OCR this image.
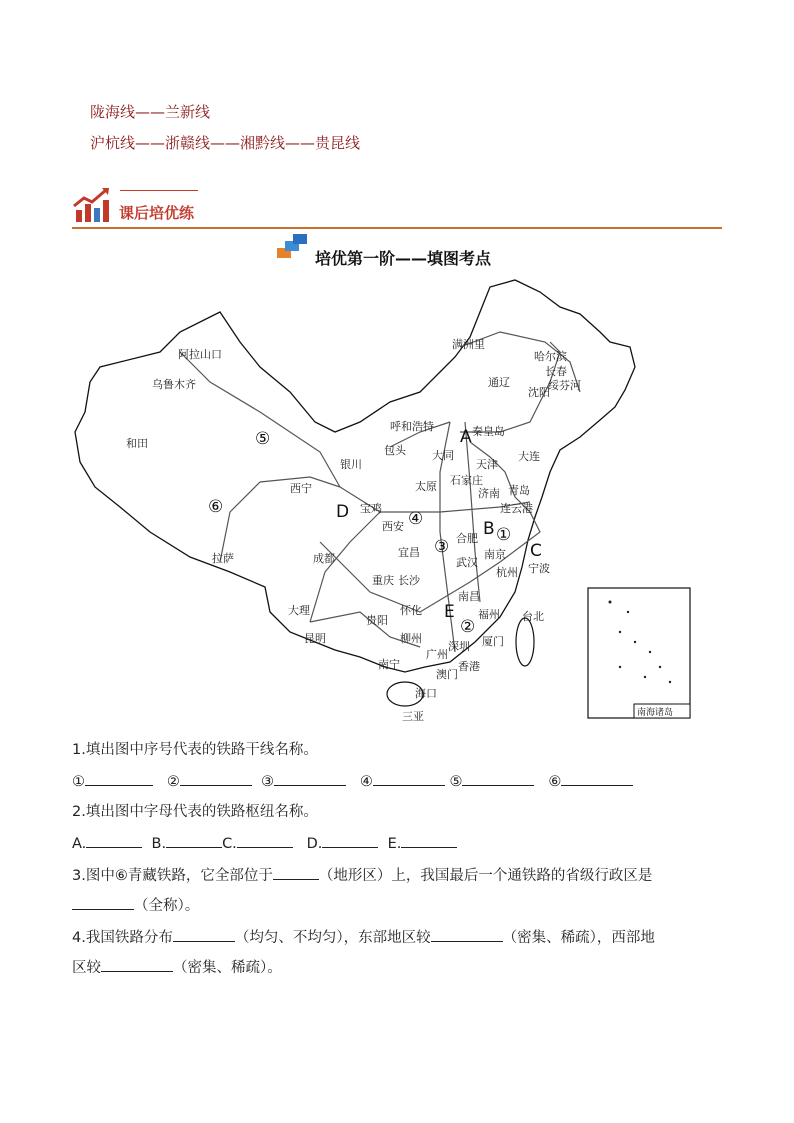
陇海线——兰新线
沪杭线——浙赣线——湘黔线——贵昆线
课后培优练
培优第一阶——填图考点
阿拉山口
乌鲁木齐
和田
拉萨
西宁
银川
包头
呼和浩特
大同
太原 石家庄
秦皇岛
天津
沈阳
大连
长春
哈尔滨
满洲里
通辽	绥芬河
济南 青岛
连云港
宝鸡
西安
成都
重庆
大理
昆明
贵阳
怀化
柳州
南宁
海口
三亚
广州
深圳
香港
澳门
厦门
福州 台北
南昌
长沙
武汉
宜昌
合肥
南京
杭州 宁波
A
B
C
D
E
①
②
③
④
⑤
⑥
南海诸岛
1.填出图中序号代表的铁路干线名称。
①	②	③	④	⑤	⑥
2.填出图中字母代表的铁路枢纽名称。
A.	B.	C.	D.	E.
3.图中⑥青藏铁路，它全部位于	（地形区）上，我国最后一个通铁路的省级行政区是
（全称）。
4.我国铁路分布	（均匀、不均匀），东部地区较	（密集、稀疏），西部地
区较	（密集、稀疏）。
